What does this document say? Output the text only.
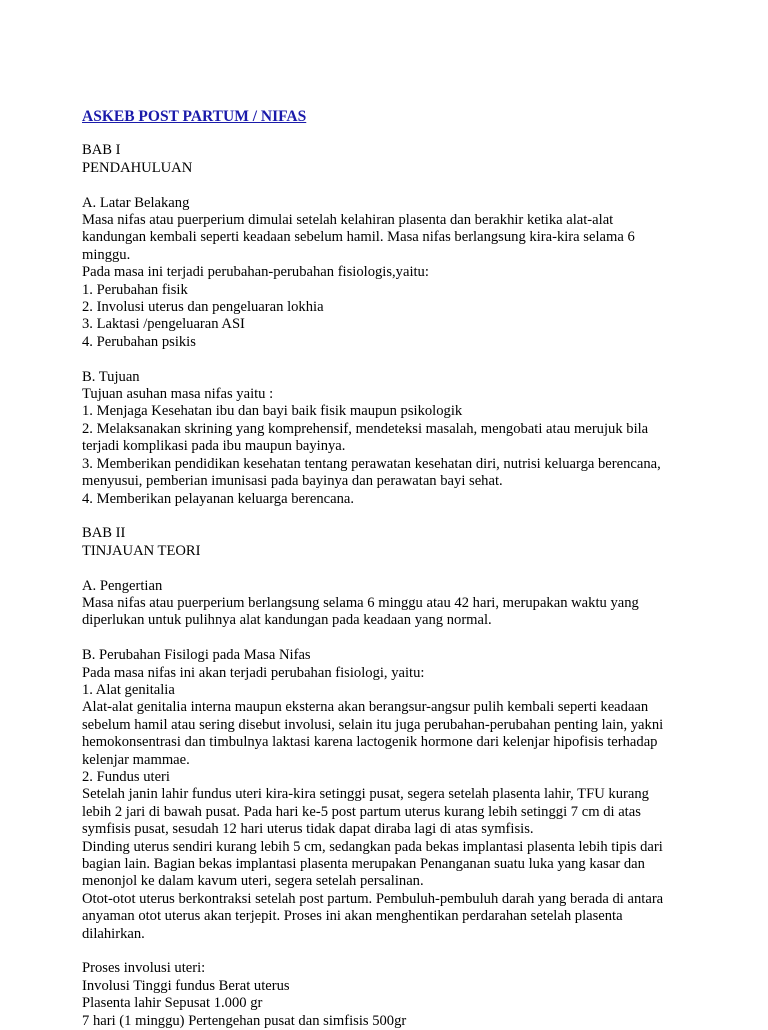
ASKEB POST PARTUM / NIFAS
BAB I
PENDAHULUAN
A. Latar Belakang
Masa nifas atau puerperium dimulai setelah kelahiran plasenta dan berakhir ketika alat-alat
kandungan kembali seperti keadaan sebelum hamil. Masa nifas berlangsung kira-kira selama 6
minggu.
Pada masa ini terjadi perubahan-perubahan fisiologis,yaitu:
1. Perubahan fisik
2. Involusi uterus dan pengeluaran lokhia
3. Laktasi /pengeluaran ASI
4. Perubahan psikis
B. Tujuan
Tujuan asuhan masa nifas yaitu :
1. Menjaga Kesehatan ibu dan bayi baik fisik maupun psikologik
2. Melaksanakan skrining yang komprehensif, mendeteksi masalah, mengobati atau merujuk bila
terjadi komplikasi pada ibu maupun bayinya.
3. Memberikan pendidikan kesehatan tentang perawatan kesehatan diri, nutrisi keluarga berencana,
menyusui, pemberian imunisasi pada bayinya dan perawatan bayi sehat.
4. Memberikan pelayanan keluarga berencana.
BAB II
TINJAUAN TEORI
A. Pengertian
Masa nifas atau puerperium berlangsung selama 6 minggu atau 42 hari, merupakan waktu yang
diperlukan untuk pulihnya alat kandungan pada keadaan yang normal.
B. Perubahan Fisilogi pada Masa Nifas
Pada masa nifas ini akan terjadi perubahan fisiologi, yaitu:
1. Alat genitalia
Alat-alat genitalia interna maupun eksterna akan berangsur-angsur pulih kembali seperti keadaan
sebelum hamil atau sering disebut involusi, selain itu juga perubahan-perubahan penting lain, yakni
hemokonsentrasi dan timbulnya laktasi karena lactogenik hormone dari kelenjar hipofisis terhadap
kelenjar mammae.
2. Fundus uteri
Setelah janin lahir fundus uteri kira-kira setinggi pusat, segera setelah plasenta lahir, TFU kurang
lebih 2 jari di bawah pusat. Pada hari ke-5 post partum uterus kurang lebih setinggi 7 cm di atas
symfisis pusat, sesudah 12 hari uterus tidak dapat diraba lagi di atas symfisis.
Dinding uterus sendiri kurang lebih 5 cm, sedangkan pada bekas implantasi plasenta lebih tipis dari
bagian lain. Bagian bekas implantasi plasenta merupakan Penanganan suatu luka yang kasar dan
menonjol ke dalam kavum uteri, segera setelah persalinan.
Otot-otot uterus berkontraksi setelah post partum. Pembuluh-pembuluh darah yang berada di antara
anyaman otot uterus akan terjepit. Proses ini akan menghentikan perdarahan setelah plasenta
dilahirkan.
Proses involusi uteri:
Involusi Tinggi fundus Berat uterus
Plasenta lahir Sepusat 1.000 gr
7 hari (1 minggu) Pertengehan pusat dan simfisis 500gr
